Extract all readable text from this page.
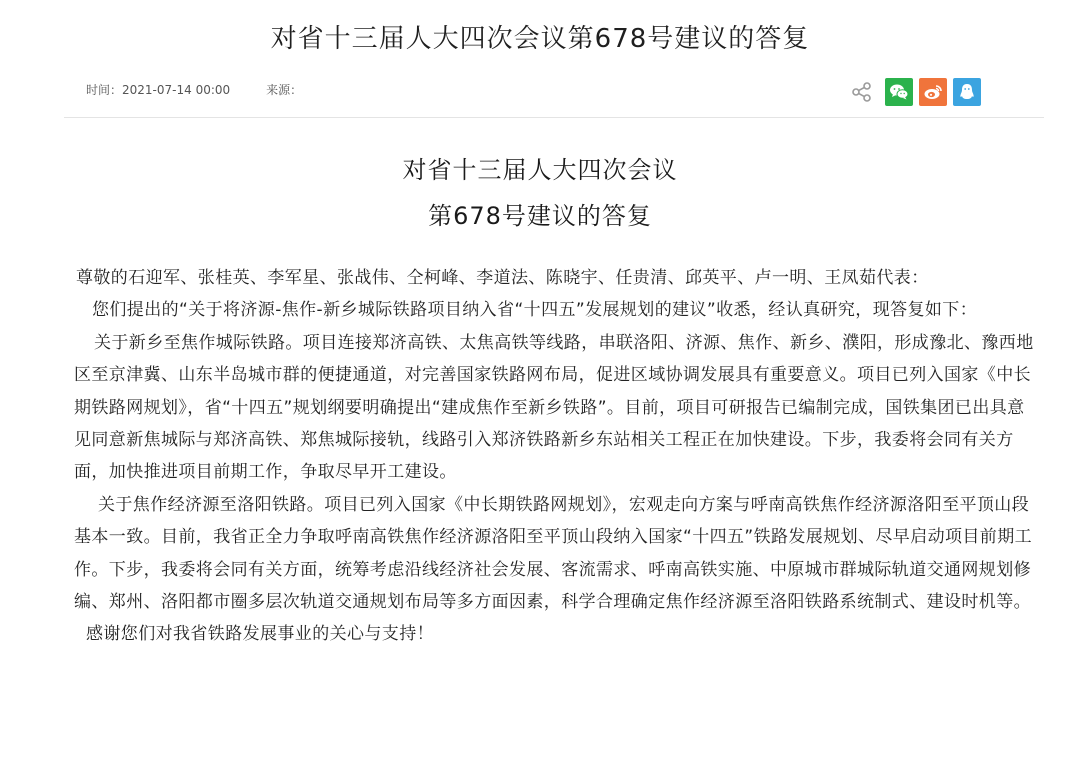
对省十三届人大四次会议第678号建议的答复
时间：2021-07-14 00:00	来源：
对省十三届人大四次会议
第678号建议的答复

尊敬的石迎军、张桂英、李军星、张战伟、仝柯峰、李道法、陈晓宇、任贵清、邱英平、卢一明、王凤茹代表：

您们提出的“关于将济源-焦作-新乡城际铁路项目纳入省“十四五”发展规划的建议”收悉，经认真研究，现答复如下：

关于新乡至焦作城际铁路。项目连接郑济高铁、太焦高铁等线路，串联洛阳、济源、焦作、新乡、濮阳，形成豫北、豫西地区至京津冀、山东半岛城市群的便捷通道，对完善国家铁路网布局，促进区域协调发展具有重要意义。项目已列入国家《中长期铁路网规划》，省“十四五”规划纲要明确提出“建成焦作至新乡铁路”。目前，项目可研报告已编制完成，国铁集团已出具意见同意新焦城际与郑济高铁、郑焦城际接轨，线路引入郑济铁路新乡东站相关工程正在加快建设。下步，我委将会同有关方面，加快推进项目前期工作，争取尽早开工建设。

关于焦作经济源至洛阳铁路。项目已列入国家《中长期铁路网规划》，宏观走向方案与呼南高铁焦作经济源洛阳至平顶山段基本一致。目前，我省正全力争取呼南高铁焦作经济源洛阳至平顶山段纳入国家“十四五”铁路发展规划、尽早启动项目前期工作。下步，我委将会同有关方面，统筹考虑沿线经济社会发展、客流需求、呼南高铁实施、中原城市群城际轨道交通网规划修编、郑州、洛阳都市圈多层次轨道交通规划布局等多方面因素，科学合理确定焦作经济源至洛阳铁路系统制式、建设时机等。

感谢您们对我省铁路发展事业的关心与支持！
